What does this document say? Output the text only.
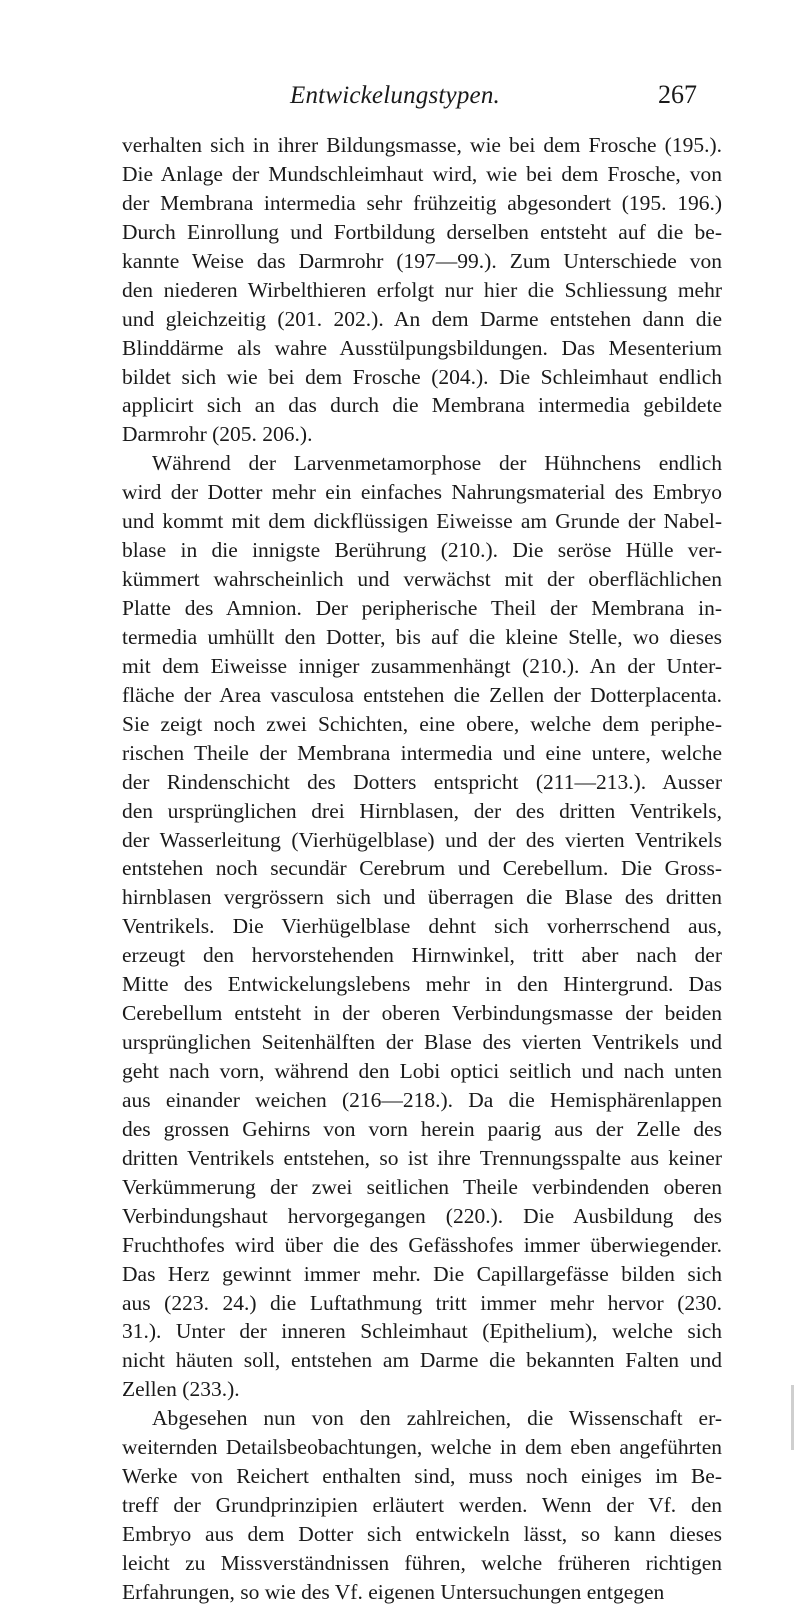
Entwickelungstypen.	267
verhalten sich in ihrer Bildungsmasse, wie bei dem Frosche (195.).
Die Anlage der Mundschleimhaut wird, wie bei dem Frosche, von
der Membrana intermedia sehr frühzeitig abgesondert (195. 196.)
Durch Einrollung und Fortbildung derselben entsteht auf die be-
kannte Weise das Darmrohr (197—99.). Zum Unterschiede von
den niederen Wirbelthieren erfolgt nur hier die Schliessung mehr
und gleichzeitig (201. 202.). An dem Darme entstehen dann die
Blinddärme als wahre Ausstülpungsbildungen. Das Mesenterium
bildet sich wie bei dem Frosche (204.). Die Schleimhaut endlich
applicirt sich an das durch die Membrana intermedia gebildete
Darmrohr (205. 206.).
Während der Larvenmetamorphose der Hühnchens endlich
wird der Dotter mehr ein einfaches Nahrungsmaterial des Embryo
und kommt mit dem dickflüssigen Eiweisse am Grunde der Nabel-
blase in die innigste Berührung (210.). Die seröse Hülle ver-
kümmert wahrscheinlich und verwächst mit der oberflächlichen
Platte des Amnion. Der peripherische Theil der Membrana in-
termedia umhüllt den Dotter, bis auf die kleine Stelle, wo dieses
mit dem Eiweisse inniger zusammenhängt (210.). An der Unter-
fläche der Area vasculosa entstehen die Zellen der Dotterplacenta.
Sie zeigt noch zwei Schichten, eine obere, welche dem periphe-
rischen Theile der Membrana intermedia und eine untere, welche
der Rindenschicht des Dotters entspricht (211—213.). Ausser
den ursprünglichen drei Hirnblasen, der des dritten Ventrikels,
der Wasserleitung (Vierhügelblase) und der des vierten Ventrikels
entstehen noch secundär Cerebrum und Cerebellum. Die Gross-
hirnblasen vergrössern sich und überragen die Blase des dritten
Ventrikels. Die Vierhügelblase dehnt sich vorherrschend aus,
erzeugt den hervorstehenden Hirnwinkel, tritt aber nach der
Mitte des Entwickelungslebens mehr in den Hintergrund. Das
Cerebellum entsteht in der oberen Verbindungsmasse der beiden
ursprünglichen Seitenhälften der Blase des vierten Ventrikels und
geht nach vorn, während den Lobi optici seitlich und nach unten
aus einander weichen (216—218.). Da die Hemisphärenlappen
des grossen Gehirns von vorn herein paarig aus der Zelle des
dritten Ventrikels entstehen, so ist ihre Trennungsspalte aus keiner
Verkümmerung der zwei seitlichen Theile verbindenden oberen
Verbindungshaut hervorgegangen (220.). Die Ausbildung des
Fruchthofes wird über die des Gefässhofes immer überwiegender.
Das Herz gewinnt immer mehr. Die Capillargefässe bilden sich
aus (223. 24.) die Luftathmung tritt immer mehr hervor (230.
31.). Unter der inneren Schleimhaut (Epithelium), welche sich
nicht häuten soll, entstehen am Darme die bekannten Falten und
Zellen (233.).
Abgesehen nun von den zahlreichen, die Wissenschaft er-
weiternden Detailsbeobachtungen, welche in dem eben angeführten
Werke von Reichert enthalten sind, muss noch einiges im Be-
treff der Grundprinzipien erläutert werden. Wenn der Vf. den
Embryo aus dem Dotter sich entwickeln lässt, so kann dieses
leicht zu Missverständnissen führen, welche früheren richtigen
Erfahrungen, so wie des Vf. eigenen Untersuchungen entgegen
